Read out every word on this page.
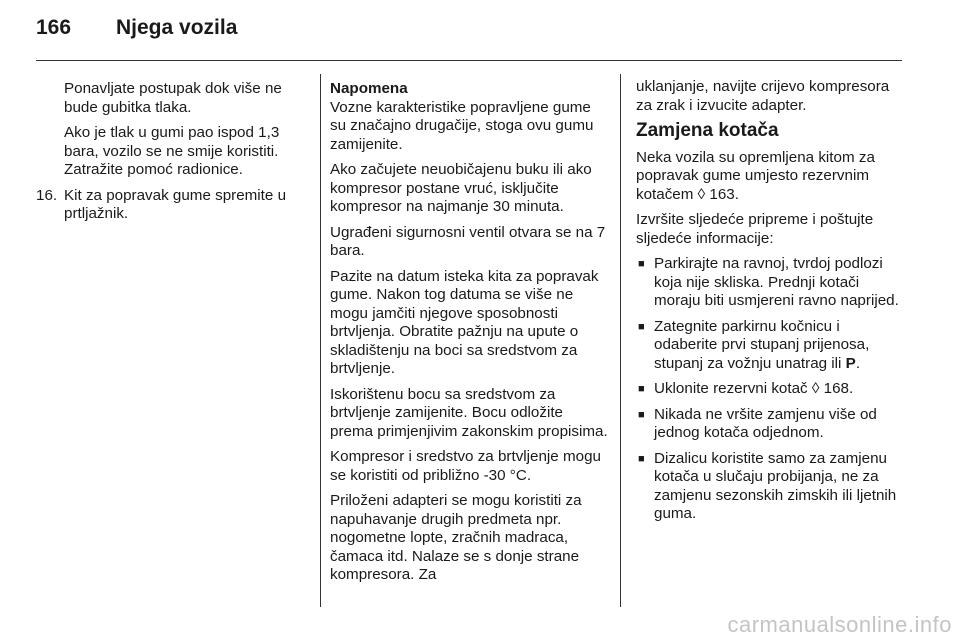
166 Njega vozila

Ponavljate postupak dok više ne bude gubitka tlaka.

Ako je tlak u gumi pao ispod 1,3 bara, vozilo se ne smije koristiti. Zatražite pomoć radionice.

16. Kit za popravak gume spremite u prtljažnik.
Napomena

Vozne karakteristike popravljene gume su značajno drugačije, stoga ovu gumu zamijenite.

Ako začujete neuobičajenu buku ili ako kompresor postane vruć, isključite kompresor na najmanje 30 minuta.

Ugrađeni sigurnosni ventil otvara se na 7 bara.

Pazite na datum isteka kita za popravak gume. Nakon tog datuma se više ne mogu jamčiti njegove sposobnosti brtvljenja. Obratite pažnju na upute o skladištenju na boci sa sredstvom za brtvljenje.

Iskorištenu bocu sa sredstvom za brtvljenje zamijenite. Bocu odložite prema primjenjivim zakonskim propisima.

Kompresor i sredstvo za brtvljenje mogu se koristiti od približno -30 °C.

Priloženi adapteri se mogu koristiti za napuhavanje drugih predmeta npr. nogometne lopte, zračnih madraca, čamaca itd. Nalaze se s donje strane kompresora. Za

uklanjanje, navijte crijevo kompresora za zrak i izvucite adapter.

Zamjena kotača

Neka vozila su opremljena kitom za popravak gume umjesto rezervnim kotačem ◊ 163.

Izvršite sljedeće pripreme i poštujte sljedeće informacije:

■ Parkirajte na ravnoj, tvrdoj podlozi koja nije skliska. Prednji kotači moraju biti usmjereni ravno naprijed.
■ Zategnite parkirnu kočnicu i odaberite prvi stupanj prijenosa, stupanj za vožnju unatrag ili P.
■ Uklonite rezervni kotač ◊ 168.
■ Nikada ne vršite zamjenu više od jednog kotača odjednom.
■ Dizalicu koristite samo za zamjenu kotača u slučaju probijanja, ne za zamjenu sezonskih zimskih ili ljetnih guma.
carmanualsonline.info
